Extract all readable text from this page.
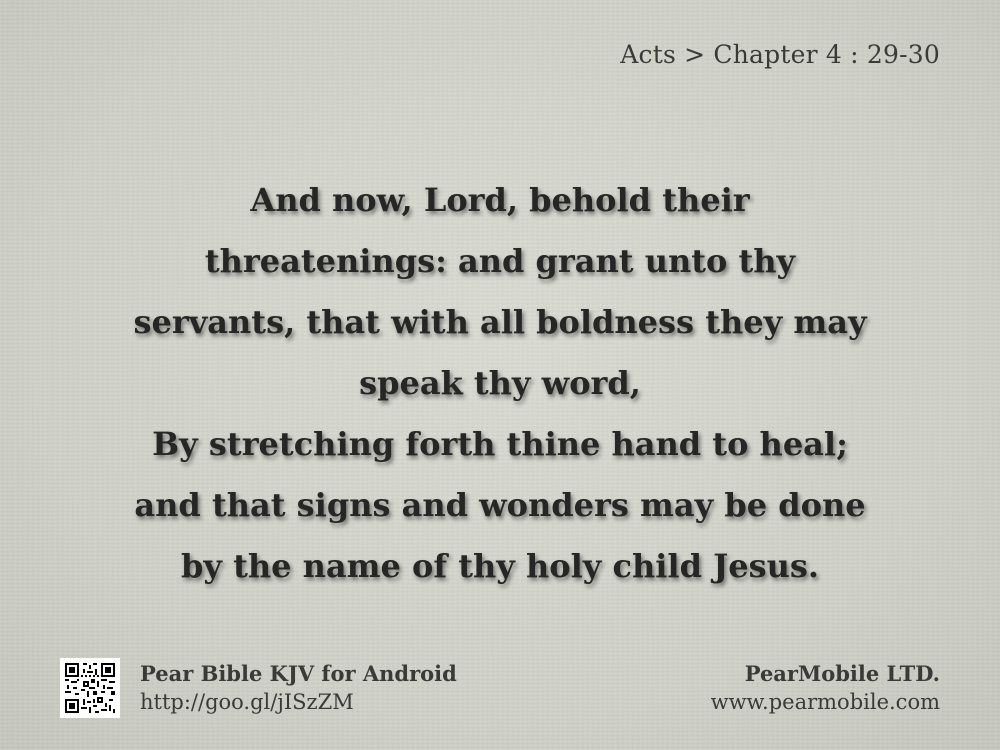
Acts > Chapter 4 : 29-30
And now, Lord, behold their
threatenings: and grant unto thy
servants, that with all boldness they may
speak thy word,
By stretching forth thine hand to heal;
and that signs and wonders may be done
by the name of thy holy child Jesus.
Pear Bible KJV for Android
http://goo.gl/jISzZM
PearMobile LTD.
www.pearmobile.com
